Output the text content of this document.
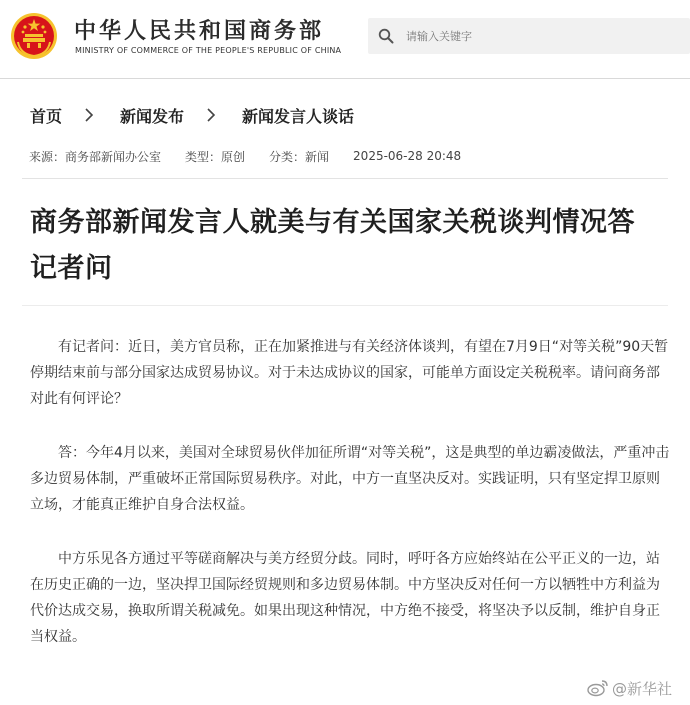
中华人民共和国商务部
MINISTRY OF COMMERCE OF THE PEOPLE'S REPUBLIC OF CHINA
请输入关键字
首页	新闻发布	新闻发言人谈话
来源：商务部新闻办公室 类型：原创 分类：新闻 2025-06-28 20:48
商务部新闻发言人就美与有关国家关税谈判情况答记者问

有记者问：近日，美方官员称，正在加紧推进与有关经济体谈判，有望在7月9日“对等关税”90天暂停期结束前与部分国家达成贸易协议。对于未达成协议的国家，可能单方面设定关税税率。请问商务部对此有何评论？

答：今年4月以来，美国对全球贸易伙伴加征所谓“对等关税”，这是典型的单边霸凌做法，严重冲击多边贸易体制，严重破坏正常国际贸易秩序。对此，中方一直坚决反对。实践证明，只有坚定捍卫原则立场，才能真正维护自身合法权益。

中方乐见各方通过平等磋商解决与美方经贸分歧。同时，呼吁各方应始终站在公平正义的一边，站在历史正确的一边，坚决捍卫国际经贸规则和多边贸易体制。中方坚决反对任何一方以牺牲中方利益为代价达成交易，换取所谓关税减免。如果出现这种情况，中方绝不接受，将坚决予以反制，维护自身正当权益。

@新华社
